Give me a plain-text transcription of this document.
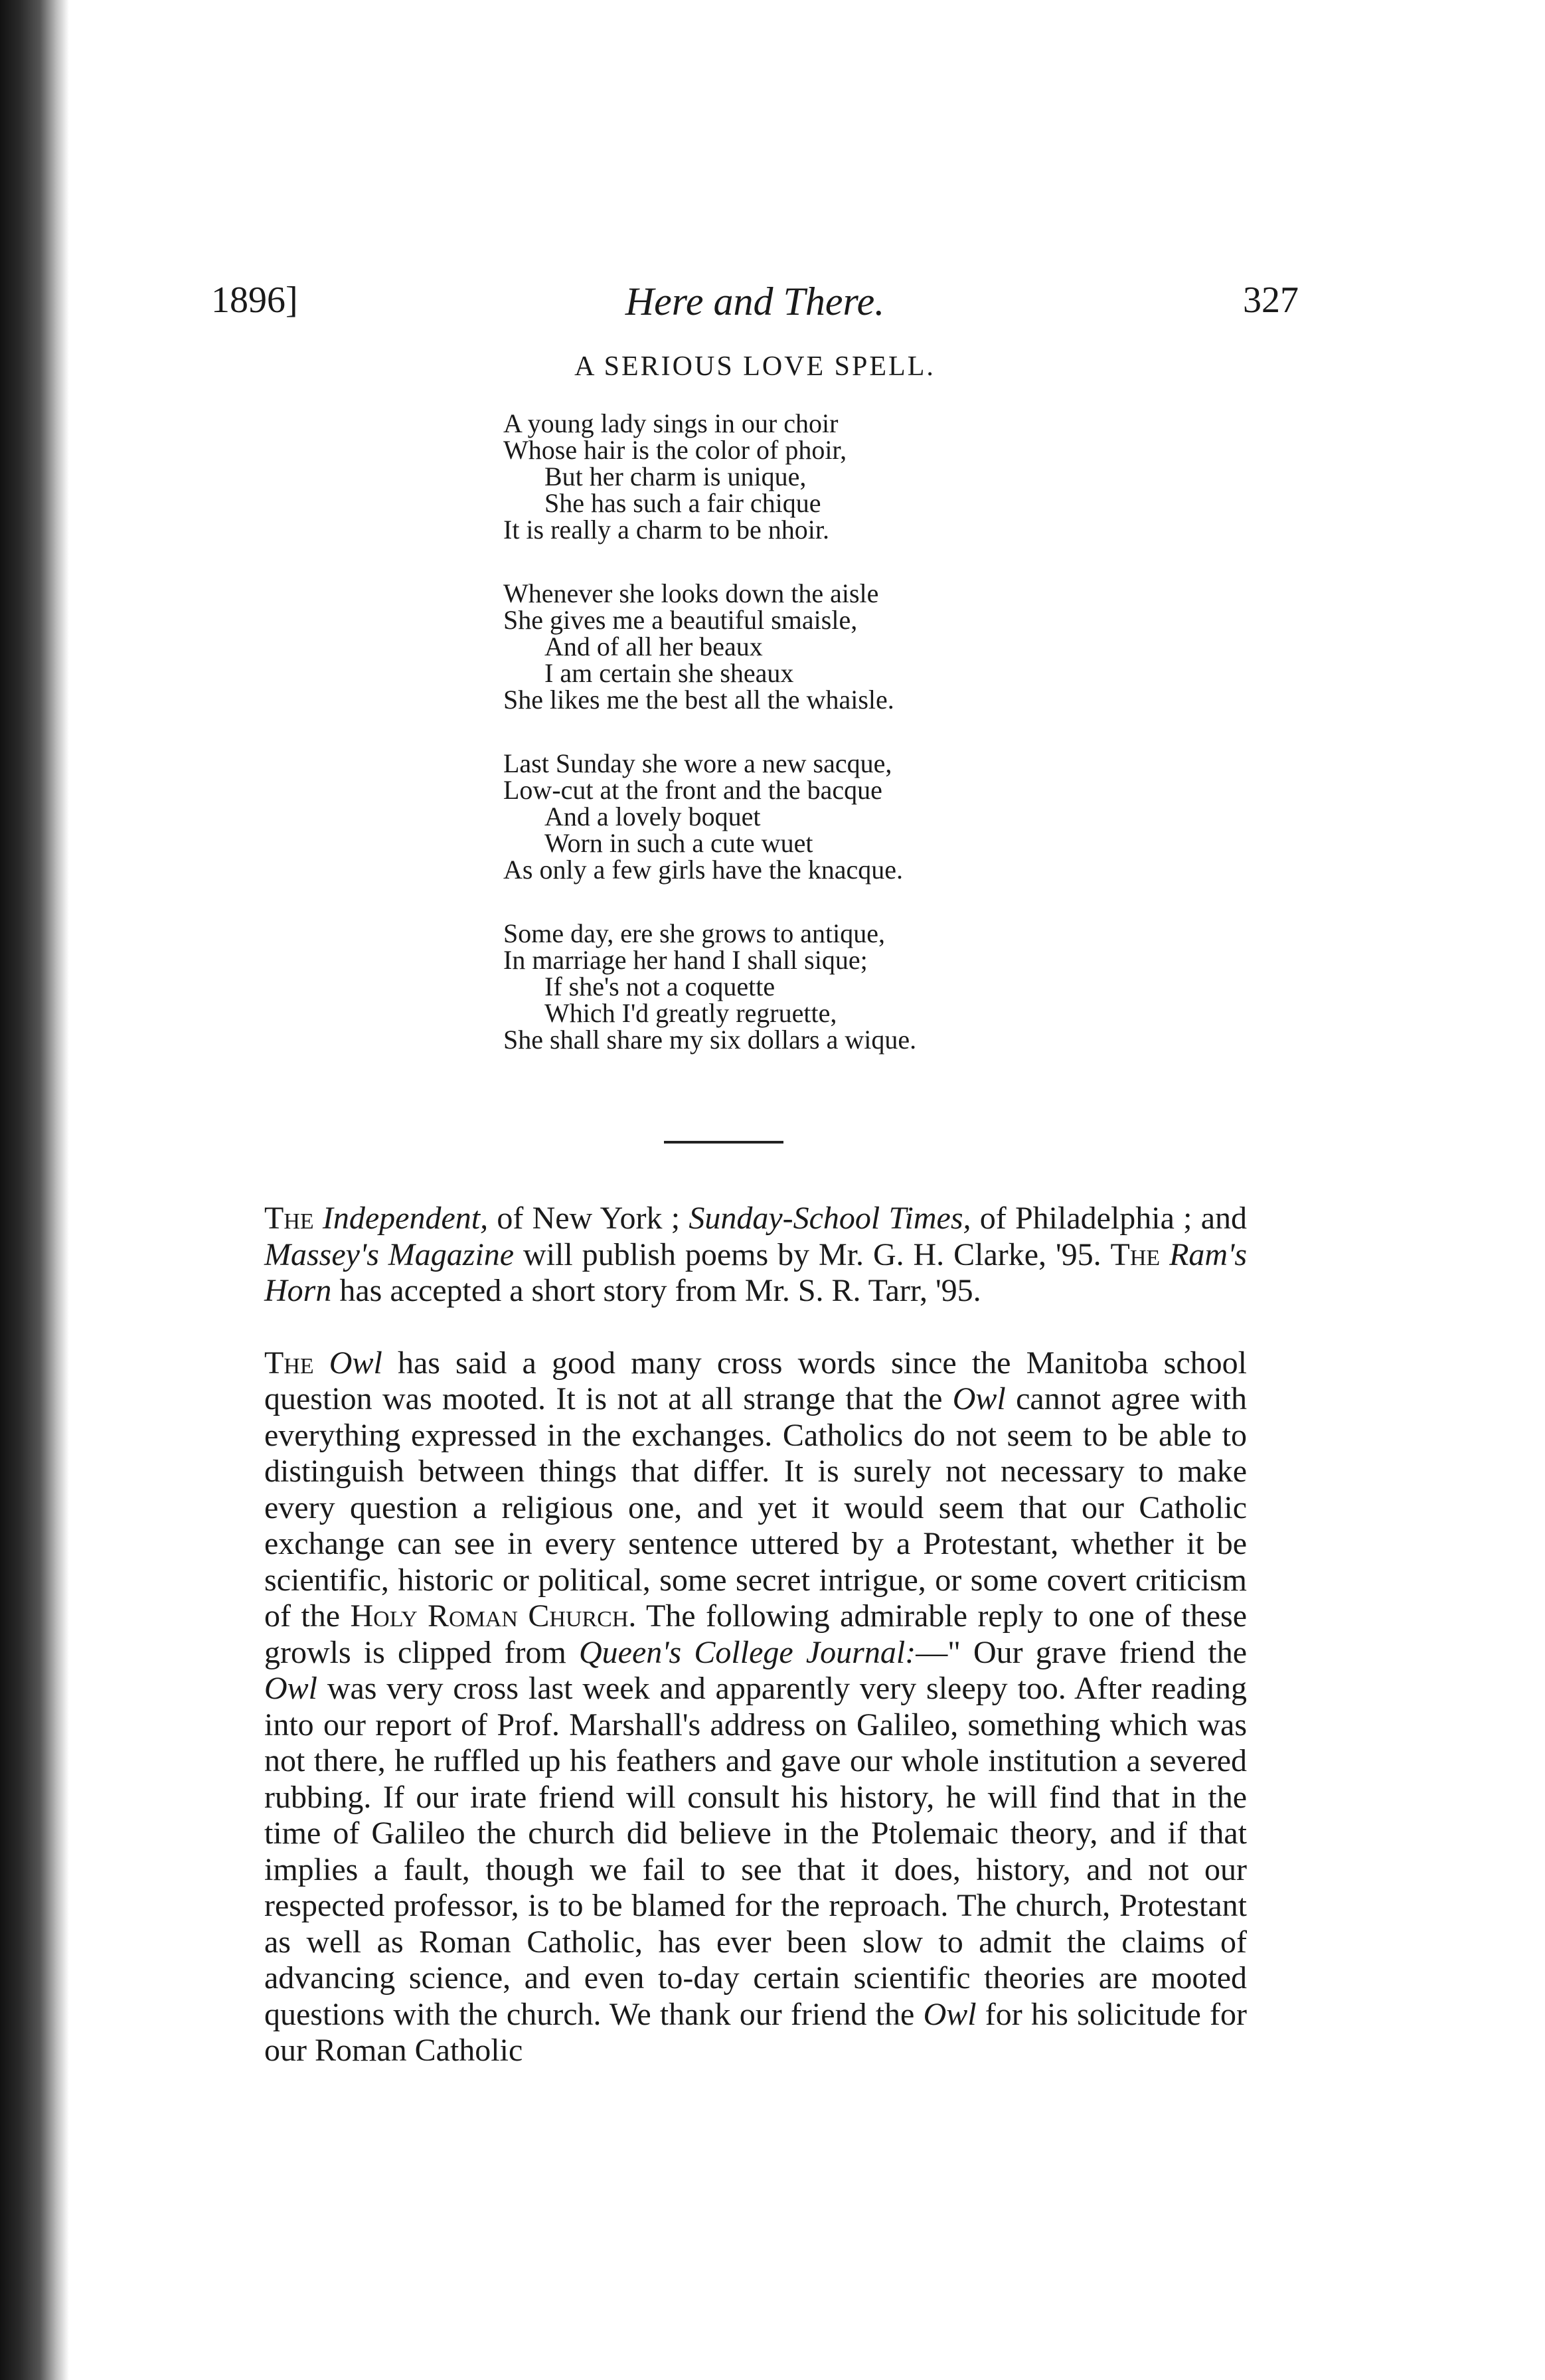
1896]	Here and There.	327
A SERIOUS LOVE SPELL.
A young lady sings in our choir
Whose hair is the color of phoir,
But her charm is unique,
She has such a fair chique
It is really a charm to be nhoir.
Whenever she looks down the aisle
She gives me a beautiful smaisle,
And of all her beaux
I am certain she sheaux
She likes me the best all the whaisle.
Last Sunday she wore a new sacque,
Low-cut at the front and the bacque
And a lovely boquet
Worn in such a cute wuet
As only a few girls have the knacque.
Some day, ere she grows to antique,
In marriage her hand I shall sique;
If she's not a coquette
Which I'd greatly regruette,
She shall share my six dollars a wique.

The Independent, of New York ; Sunday-School Times, of Philadelphia ; and Massey's Magazine will publish poems by Mr. G. H. Clarke, '95. The Ram's Horn has accepted a short story from Mr. S. R. Tarr, '95.

The Owl has said a good many cross words since the Manitoba school question was mooted. It is not at all strange that the Owl cannot agree with everything expressed in the exchanges. Catholics do not seem to be able to distinguish between things that differ. It is surely not necessary to make every question a religious one, and yet it would seem that our Catholic exchange can see in every sentence uttered by a Protestant, whether it be scientific, historic or political, some secret intrigue, or some covert criticism of the Holy Roman Church. The following admirable reply to one of these growls is clipped from Queen's College Journal:—" Our grave friend the Owl was very cross last week and apparently very sleepy too. After reading into our report of Prof. Marshall's address on Galileo, something which was not there, he ruffled up his feathers and gave our whole institution a severed rubbing. If our irate friend will consult his history, he will find that in the time of Galileo the church did believe in the Ptolemaic theory, and if that implies a fault, though we fail to see that it does, history, and not our respected professor, is to be blamed for the reproach. The church, Protestant as well as Roman Catholic, has ever been slow to admit the claims of advancing science, and even to-day certain scientific theories are mooted questions with the church. We thank our friend the Owl for his solicitude for our Roman Catholic
